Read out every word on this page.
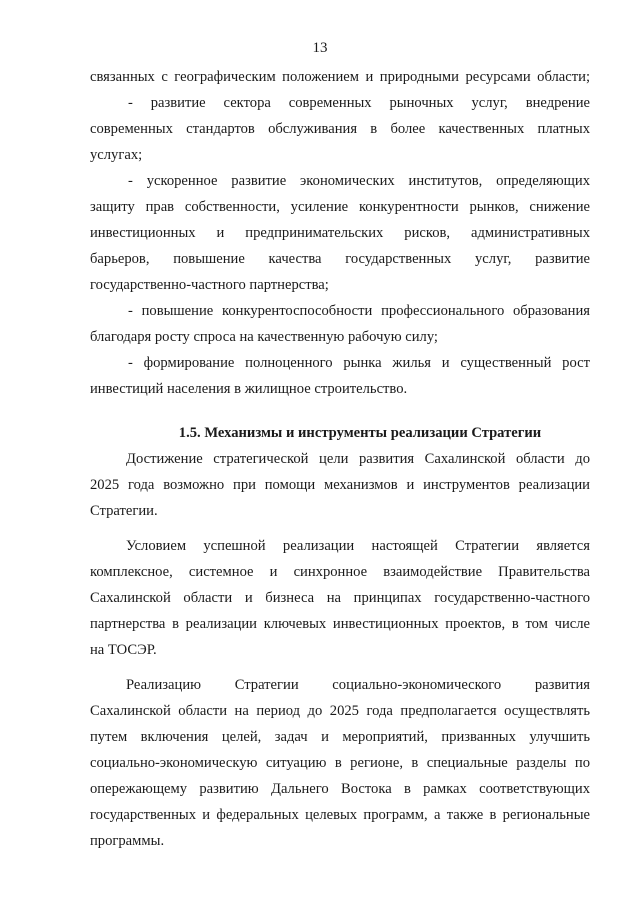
13
связанных с географическим положением и природными ресурсами области;
- развитие сектора современных рыночных услуг, внедрение
современных стандартов обслуживания в более качественных платных
услугах;
- ускоренное развитие экономических институтов, определяющих
защиту прав собственности, усиление конкурентности рынков, снижение
инвестиционных и предпринимательских рисков, административных
барьеров, повышение качества государственных услуг, развитие
государственно-частного партнерства;
- повышение конкурентоспособности профессионального образования
благодаря росту спроса на качественную рабочую силу;
- формирование полноценного рынка жилья и существенный рост
инвестиций населения в жилищное строительство.
1.5. Механизмы и инструменты реализации Стратегии
Достижение стратегической цели развития Сахалинской области до
2025 года возможно при помощи механизмов и инструментов реализации
Стратегии.
Условием успешной реализации настоящей Стратегии является
комплексное, системное и синхронное взаимодействие Правительства
Сахалинской области и бизнеса на принципах государственно-частного
партнерства в реализации ключевых инвестиционных проектов, в том числе
на ТОСЭР.
Реализацию Стратегии социально-экономического развития
Сахалинской области на период до 2025 года предполагается осуществлять
путем включения целей, задач и мероприятий, призванных улучшить
социально-экономическую ситуацию в регионе, в специальные разделы по
опережающему развитию Дальнего Востока в рамках соответствующих
государственных и федеральных целевых программ, а также в региональные
программы.
